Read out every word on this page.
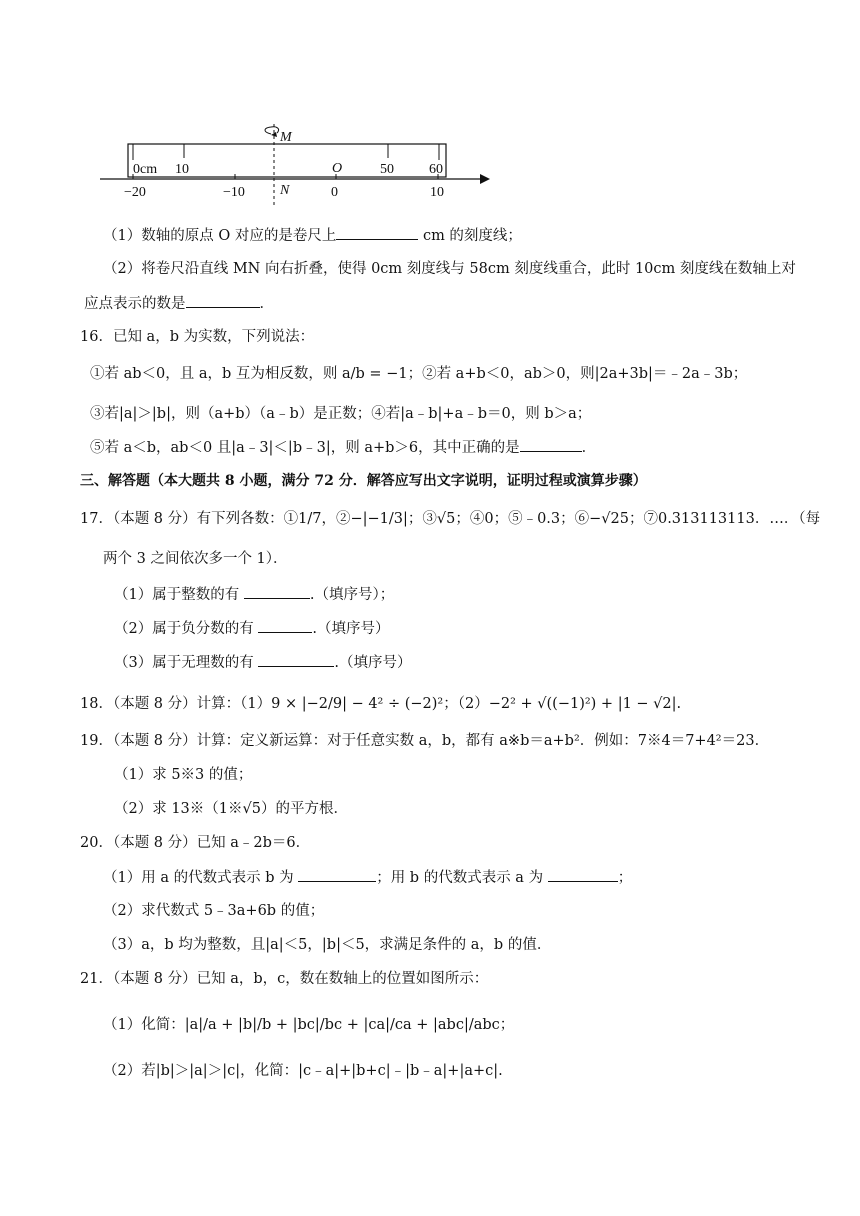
0cm 10	50	60
−20	−10	0	10
O
M
N
（1）数轴的原点 O 对应的是卷尺上	cm 的刻度线；
（2）将卷尺沿直线 MN 向右折叠，使得 0cm 刻度线与 58cm 刻度线重合，此时 10cm 刻度线在数轴上对
应点表示的数是	．
16．已知 a，b 为实数，下列说法：
①若 ab＜0，且 a，b 互为相反数，则 a/b = −1；②若 a+b＜0，ab＞0，则|2a+3b|＝﹣2a﹣3b；
③若|a|＞|b|，则（a+b）（a﹣b）是正数；④若|a﹣b|+a﹣b＝0，则 b＞a；
⑤若 a＜b，ab＜0 且|a﹣3|＜|b﹣3|，则 a+b＞6，其中正确的是	．
三、解答题（本大题共 8 小题，满分 72 分．解答应写出文字说明，证明过程或演算步骤）
17．（本题 8 分）有下列各数：①1/7，②−|−1/3|；③√5；④0；⑤﹣0.3；⑥−√25；⑦0.313113113．…．（每
两个 3 之间依次多一个 1）．
（1）属于整数的有	.（填序号）；
（2）属于负分数的有	.（填序号）
（3）属于无理数的有	.（填序号）
18．（本题 8 分）计算：（1）9 × |−2/9| − 4² ÷ (−2)²；（2）−2² + √((−1)²) + |1 − √2|.
19．（本题 8 分）计算：定义新运算：对于任意实数 a，b，都有 a※b＝a+b²．例如：7※4＝7+4²＝23．
（1）求 5※3 的值；
（2）求 13※（1※√5）的平方根．
20．（本题 8 分）已知 a﹣2b＝6．
（1）用 a 的代数式表示 b 为	；用 b 的代数式表示 a 为	；
（2）求代数式 5﹣3a+6b 的值；
（3）a，b 均为整数，且|a|＜5，|b|＜5，求满足条件的 a，b 的值．
21．（本题 8 分）已知 a，b，c，数在数轴上的位置如图所示：
（1）化简：|a|/a + |b|/b + |bc|/bc + |ca|/ca + |abc|/abc；
（2）若|b|＞|a|＞|c|，化简：|c﹣a|+|b+c|﹣|b﹣a|+|a+c|.
